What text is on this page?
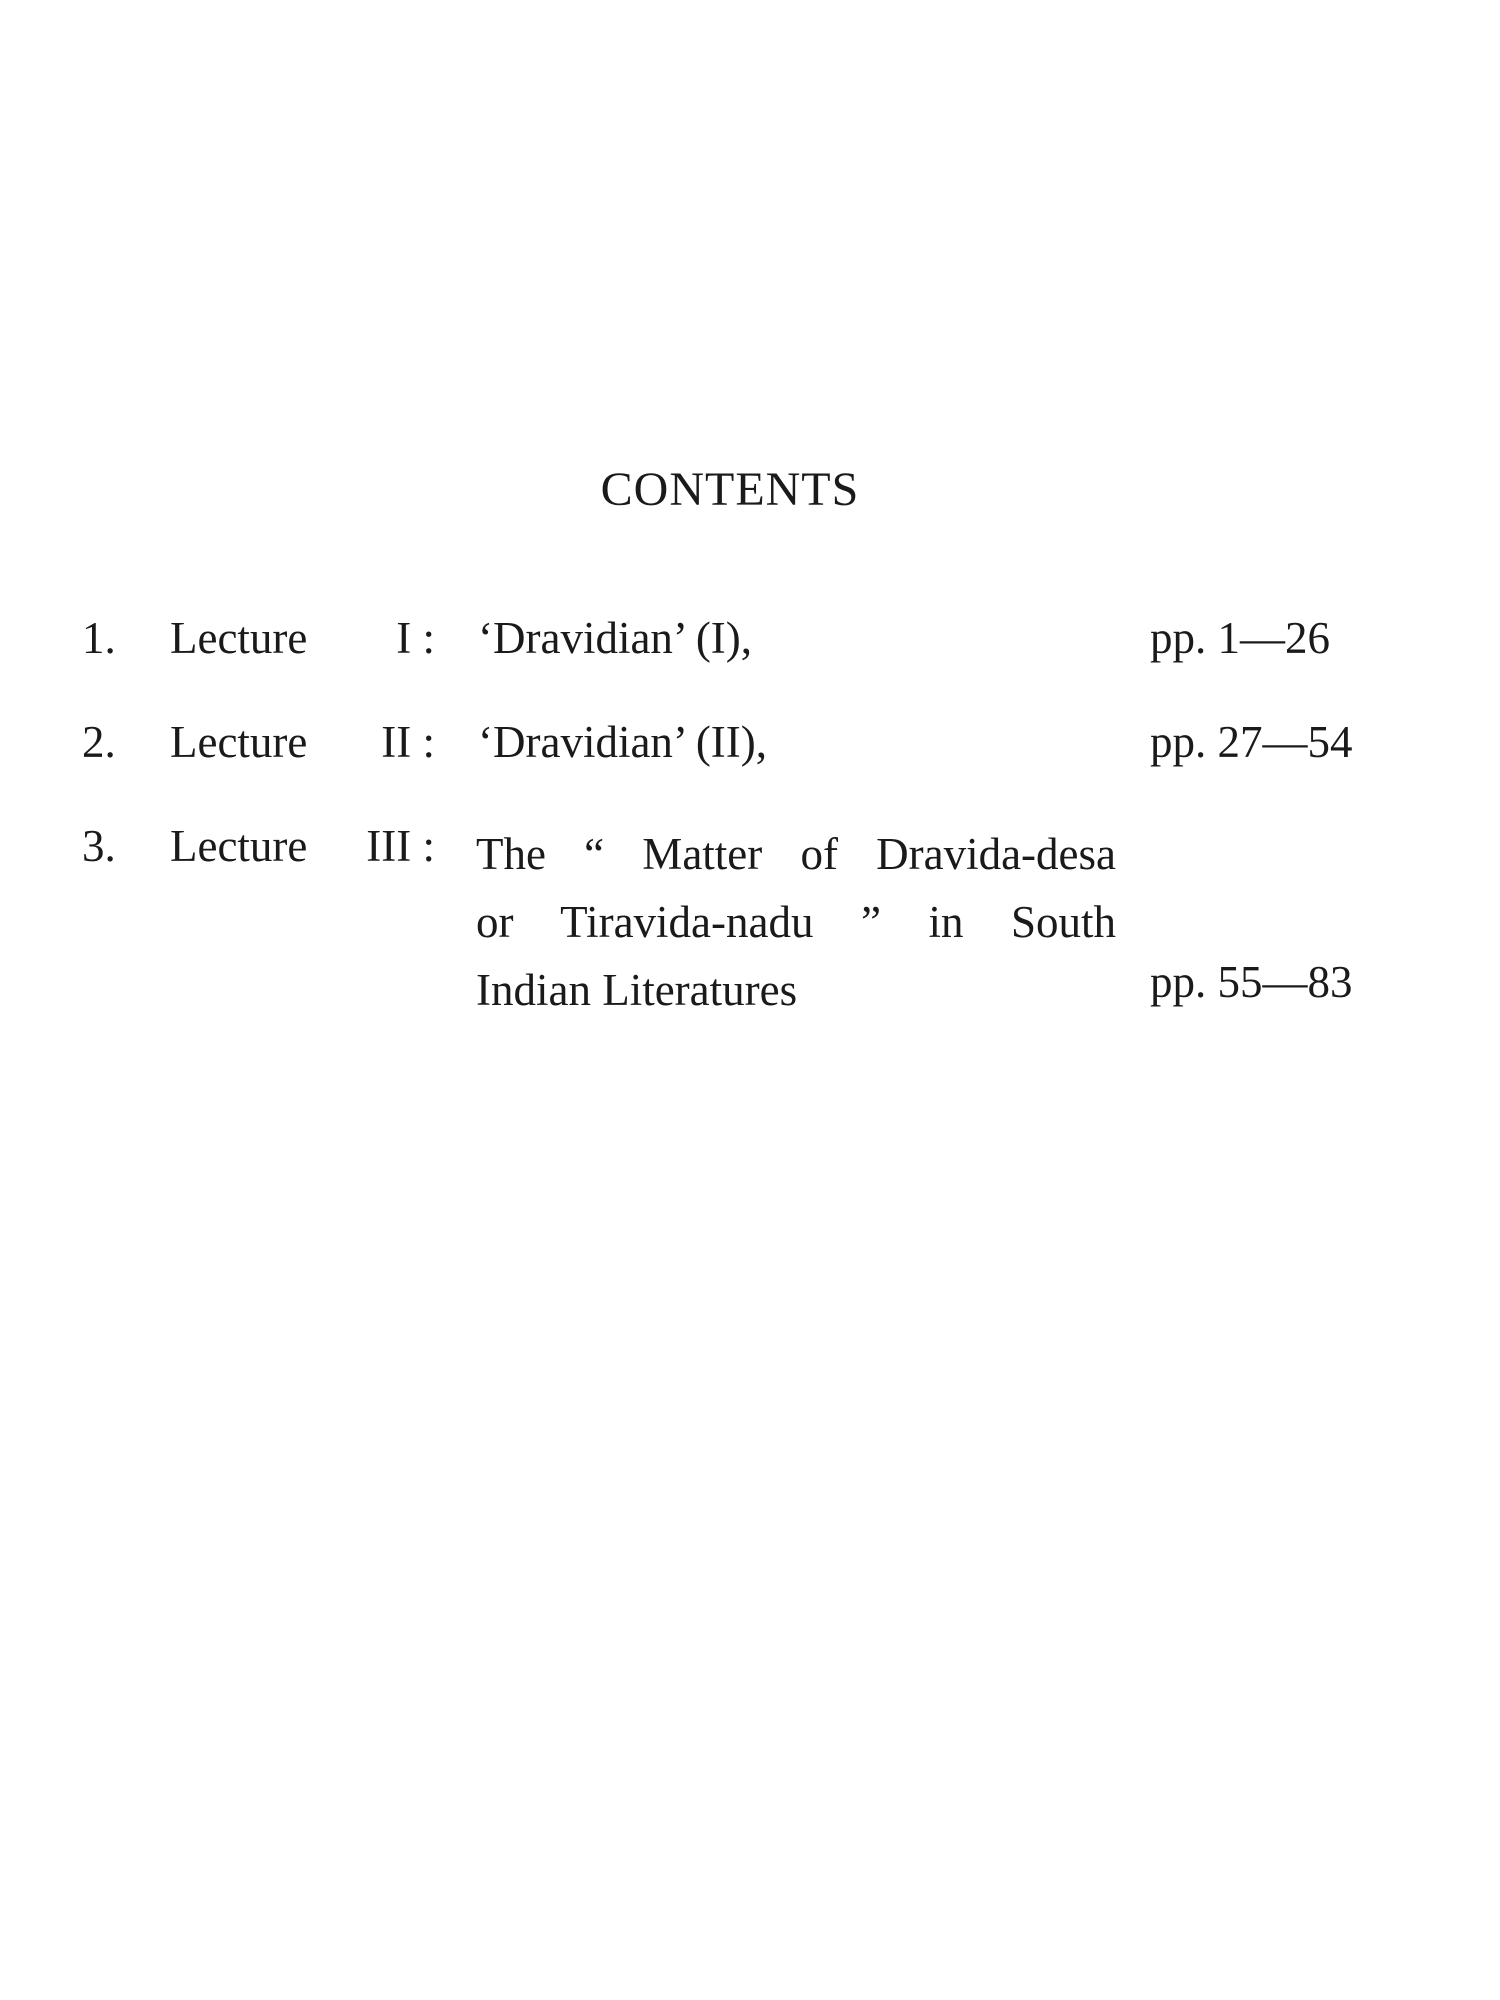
CONTENTS
1. Lecture	I : ‘Dravidian’ (I),	pp. 1—26
2. Lecture	II : ‘Dravidian’ (II),	pp. 27—54
3. Lecture	III : The “ Matter of Dravida-desa
or Tiravida-nadu ” in South
Indian Literatures	pp. 55—83
